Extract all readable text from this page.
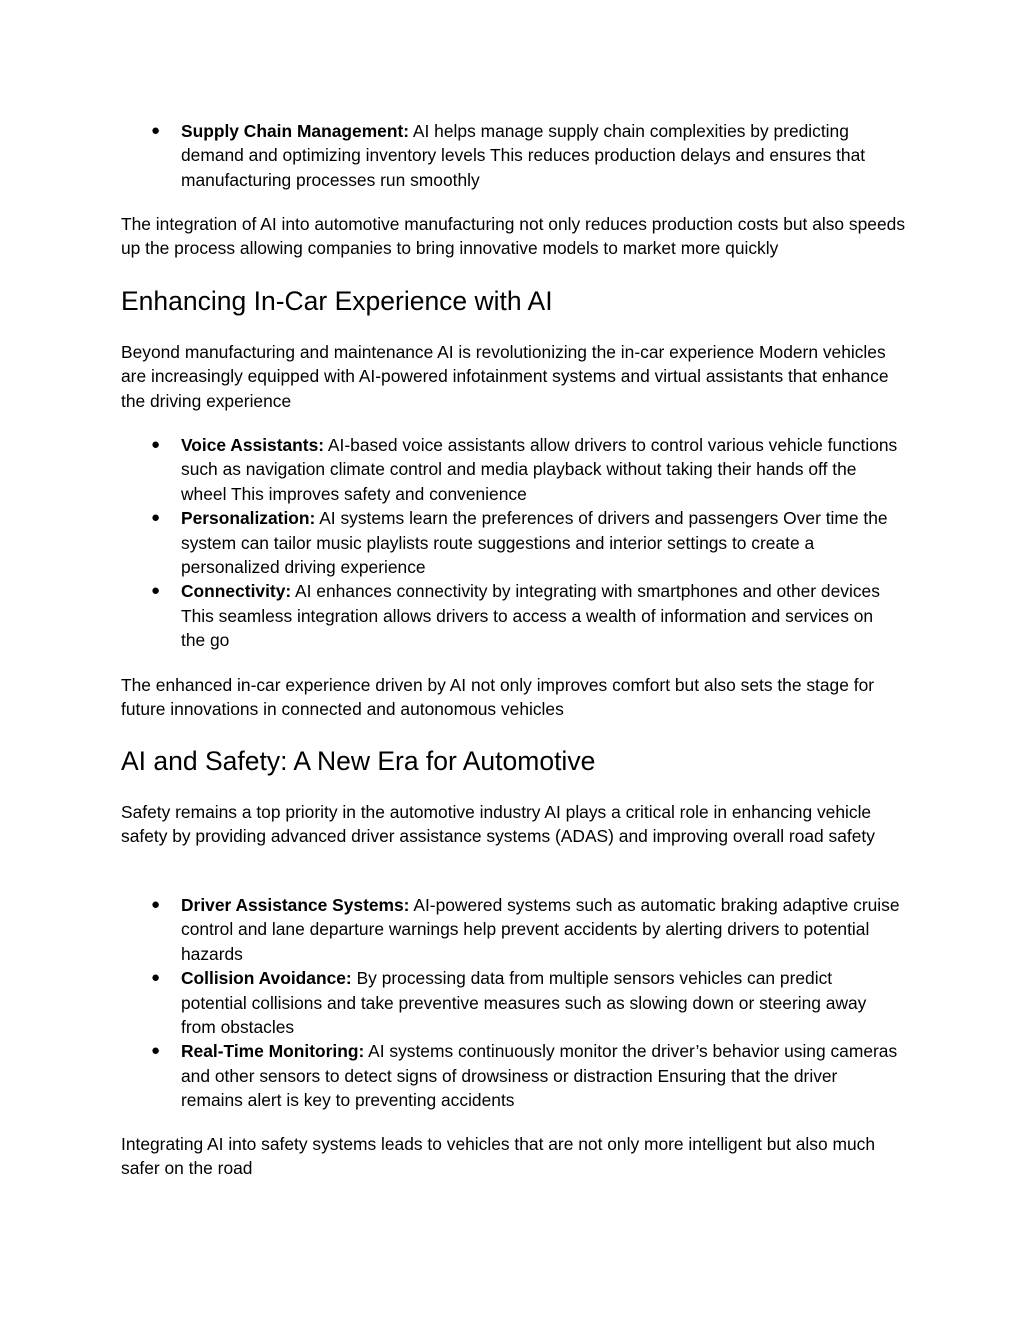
● Supply Chain Management: AI helps manage supply chain complexities by predicting demand and optimizing inventory levels This reduces production delays and ensures that manufacturing processes run smoothly

The integration of AI into automotive manufacturing not only reduces production costs but also speeds up the process allowing companies to bring innovative models to market more quickly

Enhancing In-Car Experience with AI

Beyond manufacturing and maintenance AI is revolutionizing the in-car experience Modern vehicles are increasingly equipped with AI-powered infotainment systems and virtual assistants that enhance the driving experience

● Voice Assistants: AI-based voice assistants allow drivers to control various vehicle functions such as navigation climate control and media playback without taking their hands off the wheel This improves safety and convenience
● Personalization: AI systems learn the preferences of drivers and passengers Over time the system can tailor music playlists route suggestions and interior settings to create a personalized driving experience
● Connectivity: AI enhances connectivity by integrating with smartphones and other devices This seamless integration allows drivers to access a wealth of information and services on the go

The enhanced in-car experience driven by AI not only improves comfort but also sets the stage for future innovations in connected and autonomous vehicles

AI and Safety: A New Era for Automotive

Safety remains a top priority in the automotive industry AI plays a critical role in enhancing vehicle safety by providing advanced driver assistance systems (ADAS) and improving overall road safety

● Driver Assistance Systems: AI-powered systems such as automatic braking adaptive cruise control and lane departure warnings help prevent accidents by alerting drivers to potential hazards
● Collision Avoidance: By processing data from multiple sensors vehicles can predict potential collisions and take preventive measures such as slowing down or steering away from obstacles
● Real-Time Monitoring: AI systems continuously monitor the driver’s behavior using cameras and other sensors to detect signs of drowsiness or distraction Ensuring that the driver remains alert is key to preventing accidents

Integrating AI into safety systems leads to vehicles that are not only more intelligent but also much safer on the road
